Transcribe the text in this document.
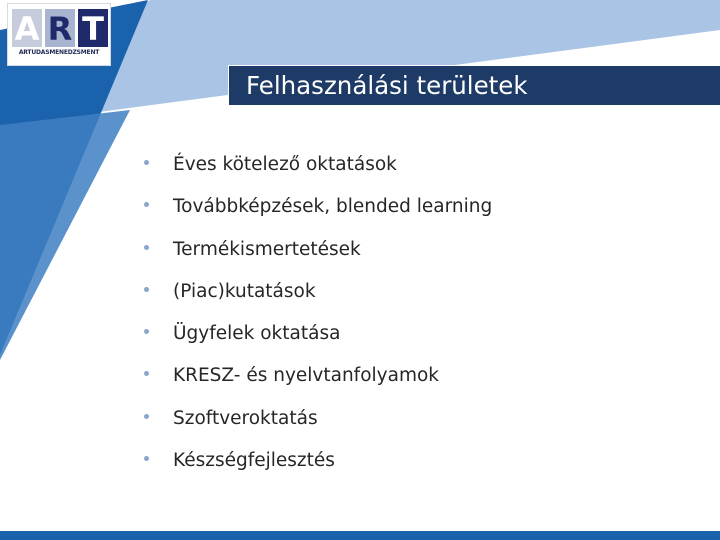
A R T
ARTUDASMENEDZSMENT
Felhasználási területek
Éves kötelező oktatások
Továbbképzések, blended learning
Termékismertetések
(Piac)kutatások
Ügyfelek oktatása
KRESZ- és nyelvtanfolyamok
Szoftveroktatás
Készségfejlesztés
